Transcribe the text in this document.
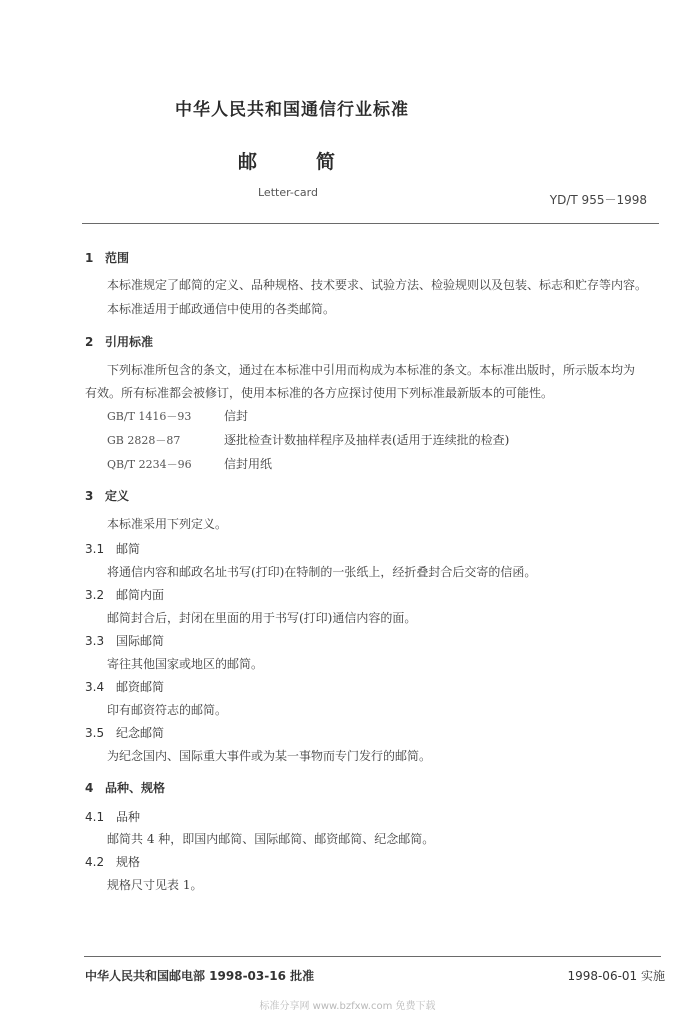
中华人民共和国通信行业标准
邮	简
Letter-card
YD/T 955－1998
1 范围
本标准规定了邮简的定义、品种规格、技术要求、试验方法、检验规则以及包装、标志和贮存等内容。
本标准适用于邮政通信中使用的各类邮简。
2 引用标准
下列标准所包含的条文，通过在本标准中引用而构成为本标准的条文。本标准出版时，所示版本均为
有效。所有标准都会被修订，使用本标准的各方应探讨使用下列标准最新版本的可能性。
GB/T 1416－93	信封
GB 2828－87	逐批检查计数抽样程序及抽样表(适用于连续批的检查)
QB/T 2234－96	信封用纸
3 定义
本标准采用下列定义。
3.1 邮简
将通信内容和邮政名址书写(打印)在特制的一张纸上，经折叠封合后交寄的信函。
3.2 邮简内面
邮简封合后，封闭在里面的用于书写(打印)通信内容的面。
3.3 国际邮简
寄往其他国家或地区的邮简。
3.4 邮资邮简
印有邮资符志的邮简。
3.5 纪念邮简
为纪念国内、国际重大事件或为某一事物而专门发行的邮简。
4 品种、规格
4.1 品种
邮简共 4 种，即国内邮简、国际邮简、邮资邮简、纪念邮简。
4.2 规格
规格尺寸见表 1。
中华人民共和国邮电部 1998-03-16 批准	1998-06-01 实施
标准分享网 www.bzfxw.com 免费下载
